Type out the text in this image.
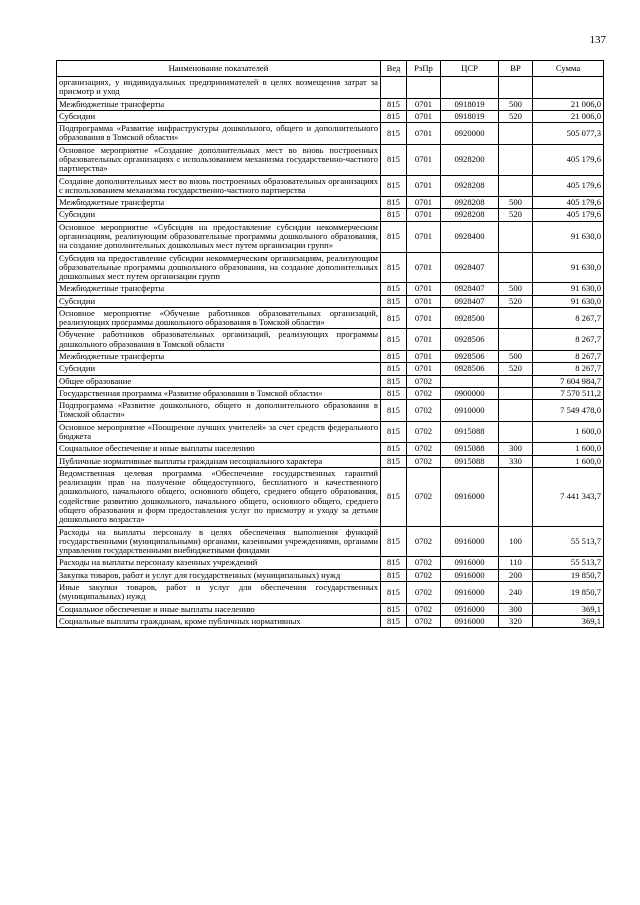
137
Наименование показателей	Вед	РзПр	ЦСР	ВР	Сумма
организациях, у индивидуальных предпринимателей в целях возмещения затрат за присмотр и уход					
Межбюджетные трансферты	815	0701	0918019	500	21 006,0
Субсидии	815	0701	0918019	520	21 006,0
Подпрограмма «Развитие инфраструктуры дошкольного, общего и дополнительного образования в Томской области»	815	0701	0920000		505 077,3
Основное мероприятие «Создание дополнительных мест во вновь построенных образовательных организациях с использованием механизма государственно-частного партнерства»	815	0701	0928200		405 179,6
Создание дополнительных мест во вновь построенных образовательных организациях с использованием механизма государственно-частного партнерства	815	0701	0928208		405 179,6
Межбюджетные трансферты	815	0701	0928208	500	405 179,6
Субсидии	815	0701	0928208	520	405 179,6
Основное мероприятие «Субсидия на предоставление субсидии некоммерческим организациям, реализующим образовательные программы дошкольного образования, на создание дополнительных дошкольных мест путем организации групп»	815	0701	0928400		91 630,0
Субсидия на предоставление субсидии некоммерческим организациям, реализующим образовательные программы дошкольного образования, на создание дополнительных дошкольных мест путем организации групп	815	0701	0928407		91 630,0
Межбюджетные трансферты	815	0701	0928407	500	91 630,0
Субсидии	815	0701	0928407	520	91 630,0
Основное мероприятие «Обучение работников образовательных организаций, реализующих программы дошкольного образования в Томской области»	815	0701	0928500		8 267,7
Обучение работников образовательных организаций, реализующих программы дошкольного образования в Томской области	815	0701	0928506		8 267,7
Межбюджетные трансферты	815	0701	0928506	500	8 267,7
Субсидии	815	0701	0928506	520	8 267,7
Общее образование	815	0702			7 604 984,7
Государственная программа «Развитие образования в Томской области»	815	0702	0900000		7 570 511,2
Подпрограмма «Развитие дошкольного, общего и дополнительного образования в Томской области»	815	0702	0910000		7 549 478,0
Основное мероприятие «Поощрение лучших учителей» за счет средств федерального бюджета	815	0702	0915088		1 600,0
Социальное обеспечение и иные выплаты населению	815	0702	0915088	300	1 600,0
Публичные нормативные выплаты гражданам несоциального характера	815	0702	0915088	330	1 600,0
Ведомственная целевая программа «Обеспечение государственных гарантий реализации прав на получение общедоступного, бесплатного и качественного дошкольного, начального общего, основного общего, среднего общего образования, содействие развитию дошкольного, начального общего, основного общего, среднего общего образования и форм предоставления услуг по присмотру и уходу за детьми дошкольного возраста»	815	0702	0916000		7 441 343,7
Расходы на выплаты персоналу в целях обеспечения выполнения функций государственными (муниципальными) органами, казенными учреждениями, органами управления государственными внебюджетными фондами	815	0702	0916000	100	55 513,7
Расходы на выплаты персоналу казенных учреждений	815	0702	0916000	110	55 513,7
Закупка товаров, работ и услуг для государственных (муниципальных) нужд	815	0702	0916000	200	19 850,7
Иные закупки товаров, работ и услуг для обеспечения государственных (муниципальных) нужд	815	0702	0916000	240	19 850,7
Социальное обеспечение и иные выплаты населению	815	0702	0916000	300	369,1
Социальные выплаты гражданам, кроме публичных нормативных	815	0702	0916000	320	369,1
